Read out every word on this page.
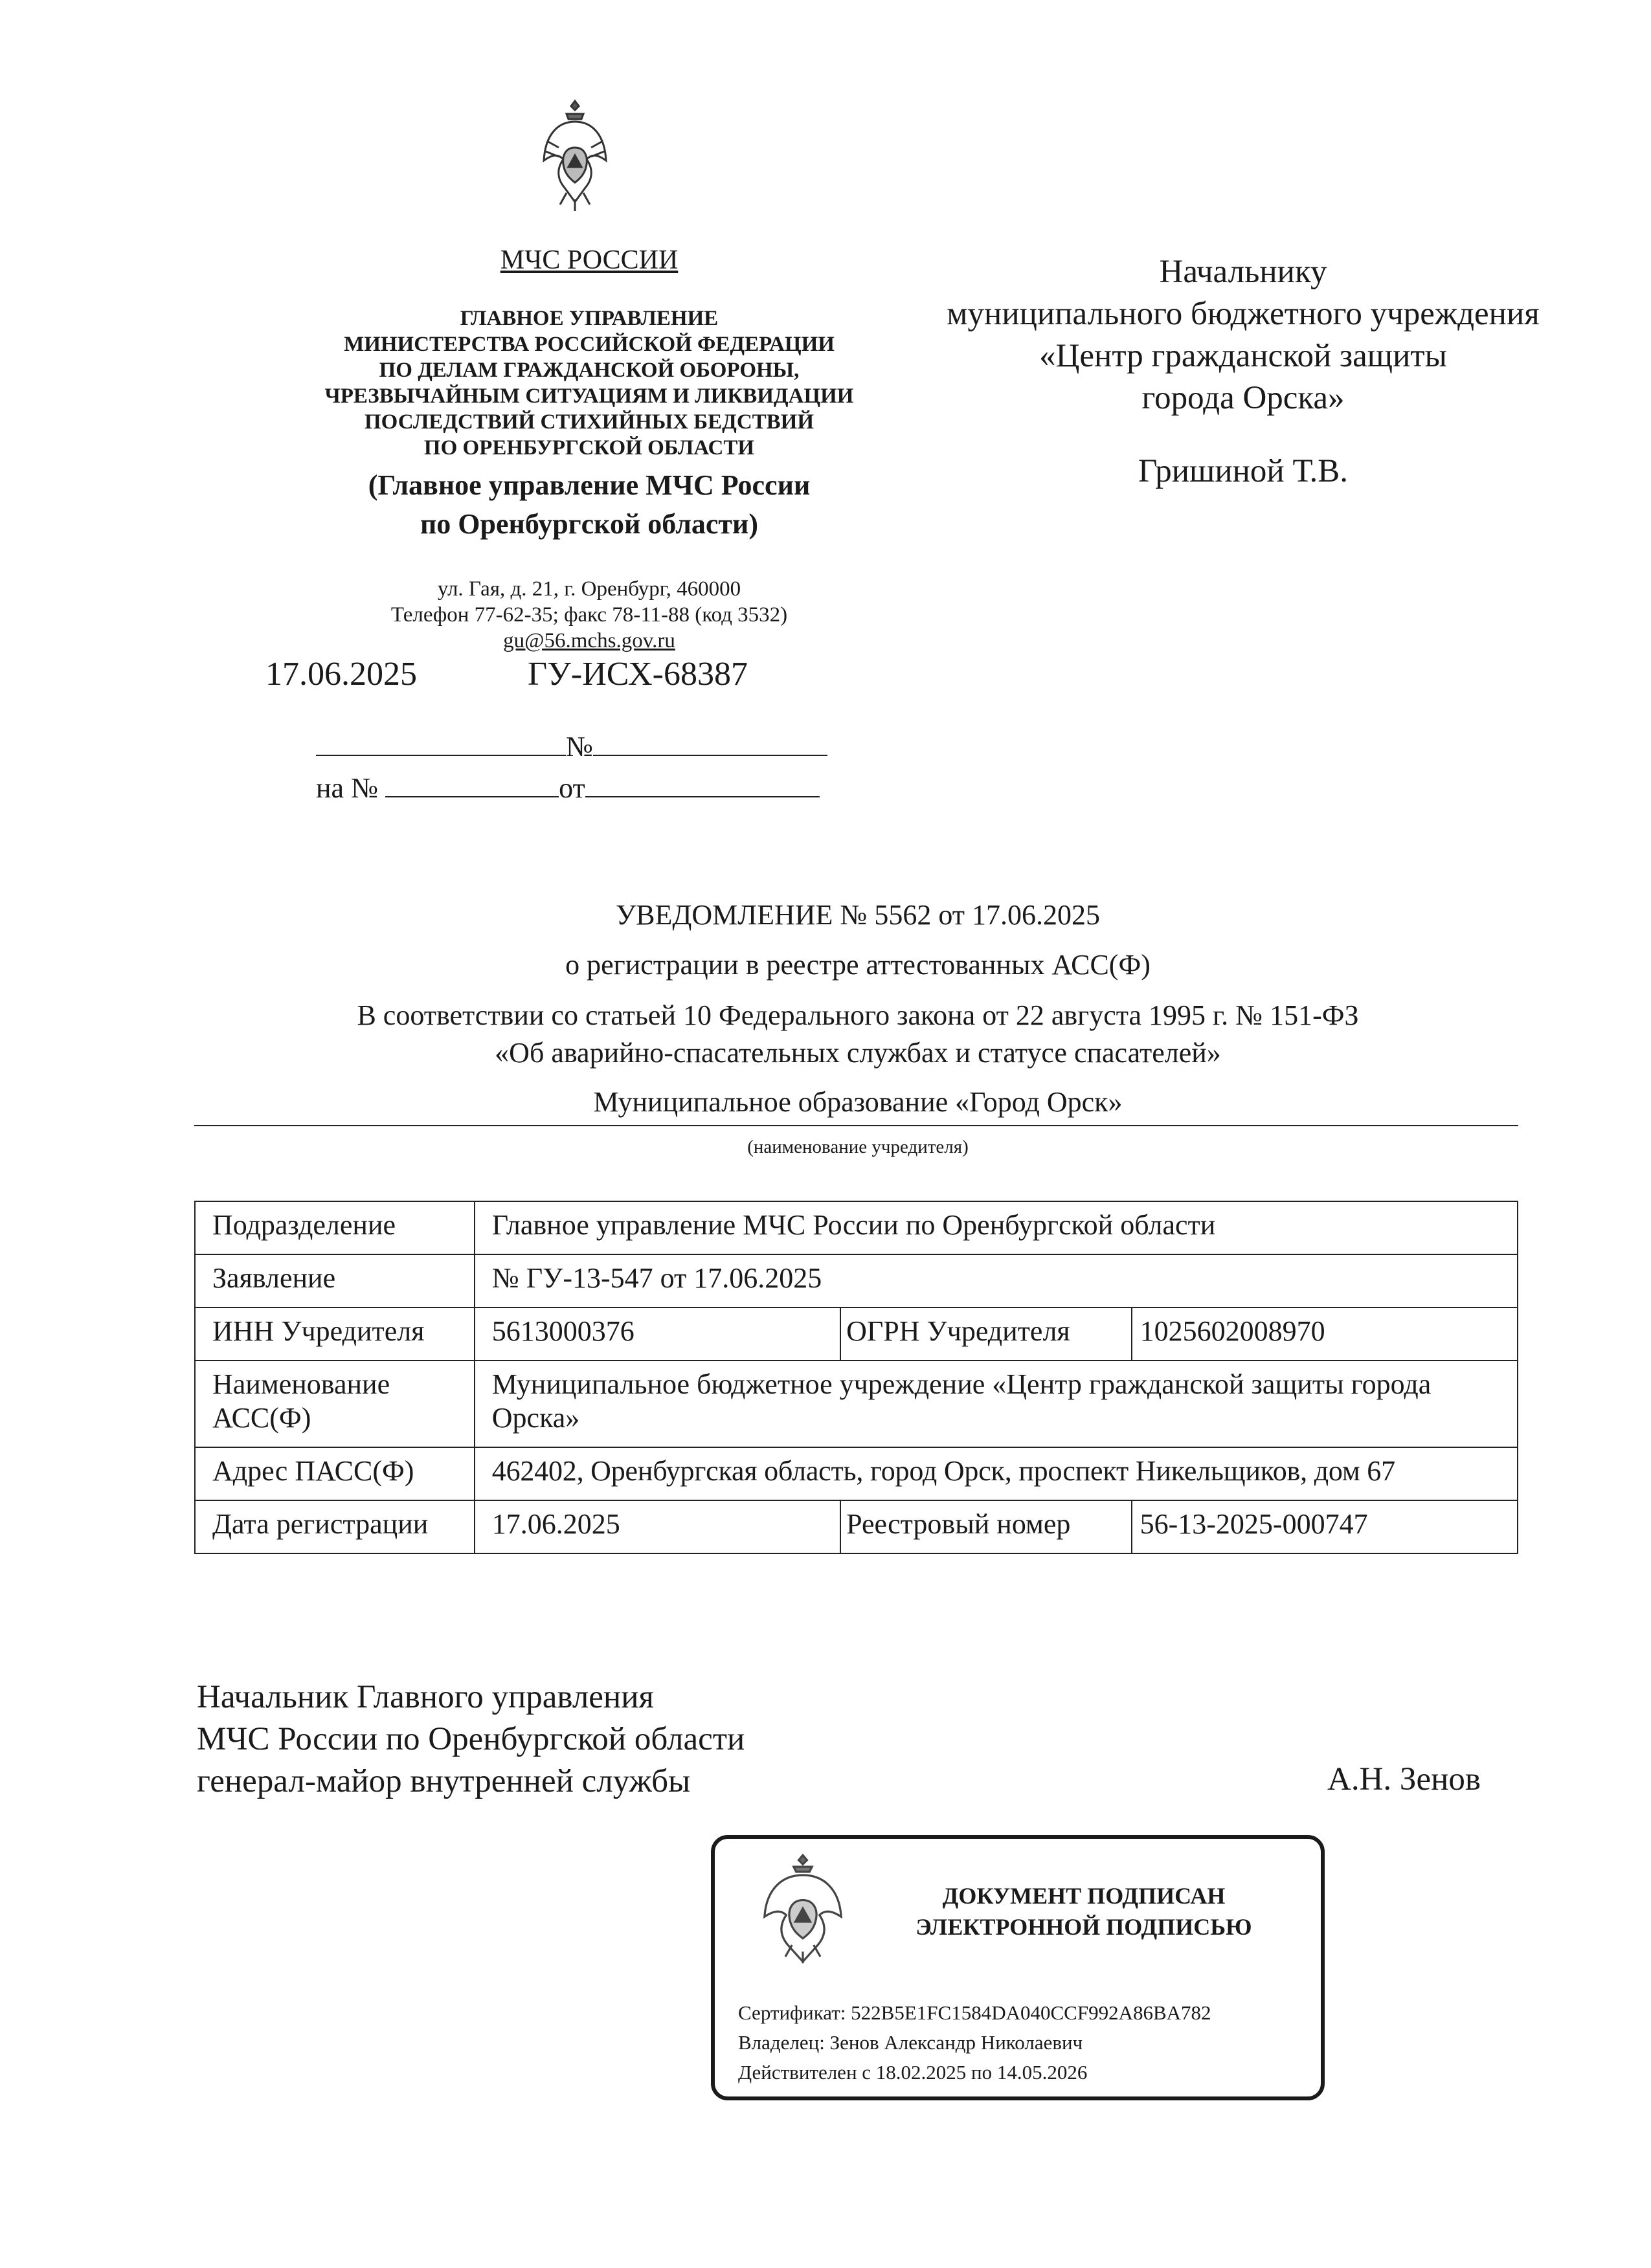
МЧС РОССИИ
ГЛАВНОЕ УПРАВЛЕНИЕ
МИНИСТЕРСТВА РОССИЙСКОЙ ФЕДЕРАЦИИ
ПО ДЕЛАМ ГРАЖДАНСКОЙ ОБОРОНЫ,
ЧРЕЗВЫЧАЙНЫМ СИТУАЦИЯМ И ЛИКВИДАЦИИ
ПОСЛЕДСТВИЙ СТИХИЙНЫХ БЕДСТВИЙ
ПО ОРЕНБУРГСКОЙ ОБЛАСТИ
(Главное управление МЧС России
по Оренбургской области)
ул. Гая, д. 21, г. Оренбург, 460000
Телефон 77-62-35; факс 78-11-88 (код 3532)
gu@56.mchs.gov.ru
17.06.2025	ГУ-ИСХ-68387
№
на №	от
Начальнику
муниципального бюджетного учреждения
«Центр гражданской защиты
города Орска»
Гришиной Т.В.
УВЕДОМЛЕНИЕ № 5562 от 17.06.2025
о регистрации в реестре аттестованных АСС(Ф)
В соответствии со статьей 10 Федерального закона от 22 августа 1995 г. № 151-ФЗ
«Об аварийно-спасательных службах и статусе спасателей»
Муниципальное образование «Город Орск»
(наименование учредителя)
Подразделение	Главное управление МЧС России по Оренбургской области		
Заявление	№ ГУ-13-547 от 17.06.2025		
ИНН Учредителя	5613000376	ОГРН Учредителя	1025602008970

Наименование
АСС(Ф)	Муниципальное бюджетное учреждение «Центр гражданской защиты города Орска»		
Адрес ПАСС(Ф)	462402, Оренбургская область, город Орск, проспект Никельщиков, дом 67		
Дата регистрации	17.06.2025	Реестровый номер	56-13-2025-000747
Начальник Главного управления
МЧС России по Оренбургской области
генерал-майор внутренней службы	А.Н. Зенов
ДОКУМЕНТ ПОДПИСАН
ЭЛЕКТРОННОЙ ПОДПИСЬЮ
Сертификат: 522B5E1FC1584DA040CCF992A86BA782
Владелец: Зенов Александр Николаевич
Действителен с 18.02.2025 по 14.05.2026
